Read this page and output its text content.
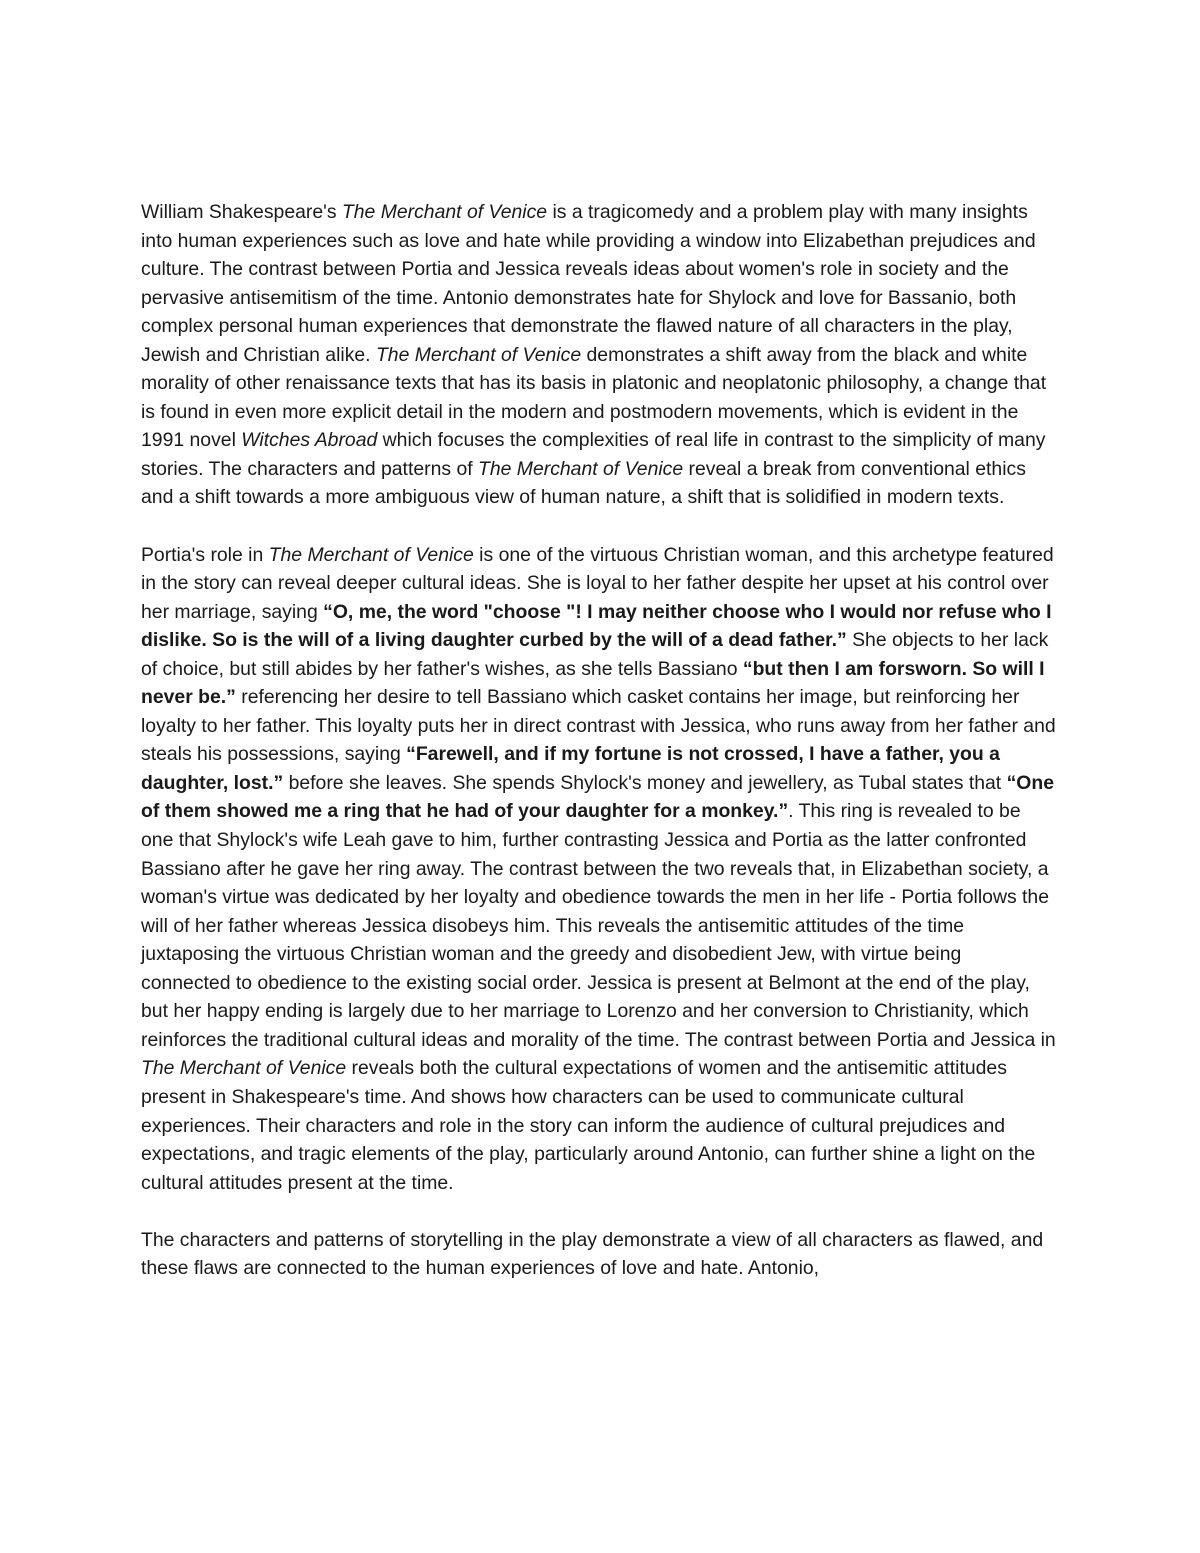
William Shakespeare's The Merchant of Venice is a tragicomedy and a problem play with many insights into human experiences such as love and hate while providing a window into Elizabethan prejudices and culture. The contrast between Portia and Jessica reveals ideas about women's role in society and the pervasive antisemitism of the time. Antonio demonstrates hate for Shylock and love for Bassanio, both complex personal human experiences that demonstrate the flawed nature of all characters in the play, Jewish and Christian alike. The Merchant of Venice demonstrates a shift away from the black and white morality of other renaissance texts that has its basis in platonic and neoplatonic philosophy, a change that is found in even more explicit detail in the modern and postmodern movements, which is evident in the 1991 novel Witches Abroad which focuses the complexities of real life in contrast to the simplicity of many stories. The characters and patterns of The Merchant of Venice reveal a break from conventional ethics and a shift towards a more ambiguous view of human nature, a shift that is solidified in modern texts.

Portia's role in The Merchant of Venice is one of the virtuous Christian woman, and this archetype featured in the story can reveal deeper cultural ideas. She is loyal to her father despite her upset at his control over her marriage, saying “O, me, the word "choose "! I may neither choose who I would nor refuse who I dislike. So is the will of a living daughter curbed by the will of a dead father.” She objects to her lack of choice, but still abides by her father's wishes, as she tells Bassiano “but then I am forsworn. So will I never be.” referencing her desire to tell Bassiano which casket contains her image, but reinforcing her loyalty to her father. This loyalty puts her in direct contrast with Jessica, who runs away from her father and steals his possessions, saying “Farewell, and if my fortune is not crossed, I have a father, you a daughter, lost.” before she leaves. She spends Shylock's money and jewellery, as Tubal states that “One of them showed me a ring that he had of your daughter for a monkey.”. This ring is revealed to be one that Shylock's wife Leah gave to him, further contrasting Jessica and Portia as the latter confronted Bassiano after he gave her ring away. The contrast between the two reveals that, in Elizabethan society, a woman's virtue was dedicated by her loyalty and obedience towards the men in her life - Portia follows the will of her father whereas Jessica disobeys him. This reveals the antisemitic attitudes of the time juxtaposing the virtuous Christian woman and the greedy and disobedient Jew, with virtue being connected to obedience to the existing social order. Jessica is present at Belmont at the end of the play, but her happy ending is largely due to her marriage to Lorenzo and her conversion to Christianity, which reinforces the traditional cultural ideas and morality of the time. The contrast between Portia and Jessica in The Merchant of Venice reveals both the cultural expectations of women and the antisemitic attitudes present in Shakespeare's time. And shows how characters can be used to communicate cultural experiences. Their characters and role in the story can inform the audience of cultural prejudices and expectations, and tragic elements of the play, particularly around Antonio, can further shine a light on the cultural attitudes present at the time.

The characters and patterns of storytelling in the play demonstrate a view of all characters as flawed, and these flaws are connected to the human experiences of love and hate. Antonio,
